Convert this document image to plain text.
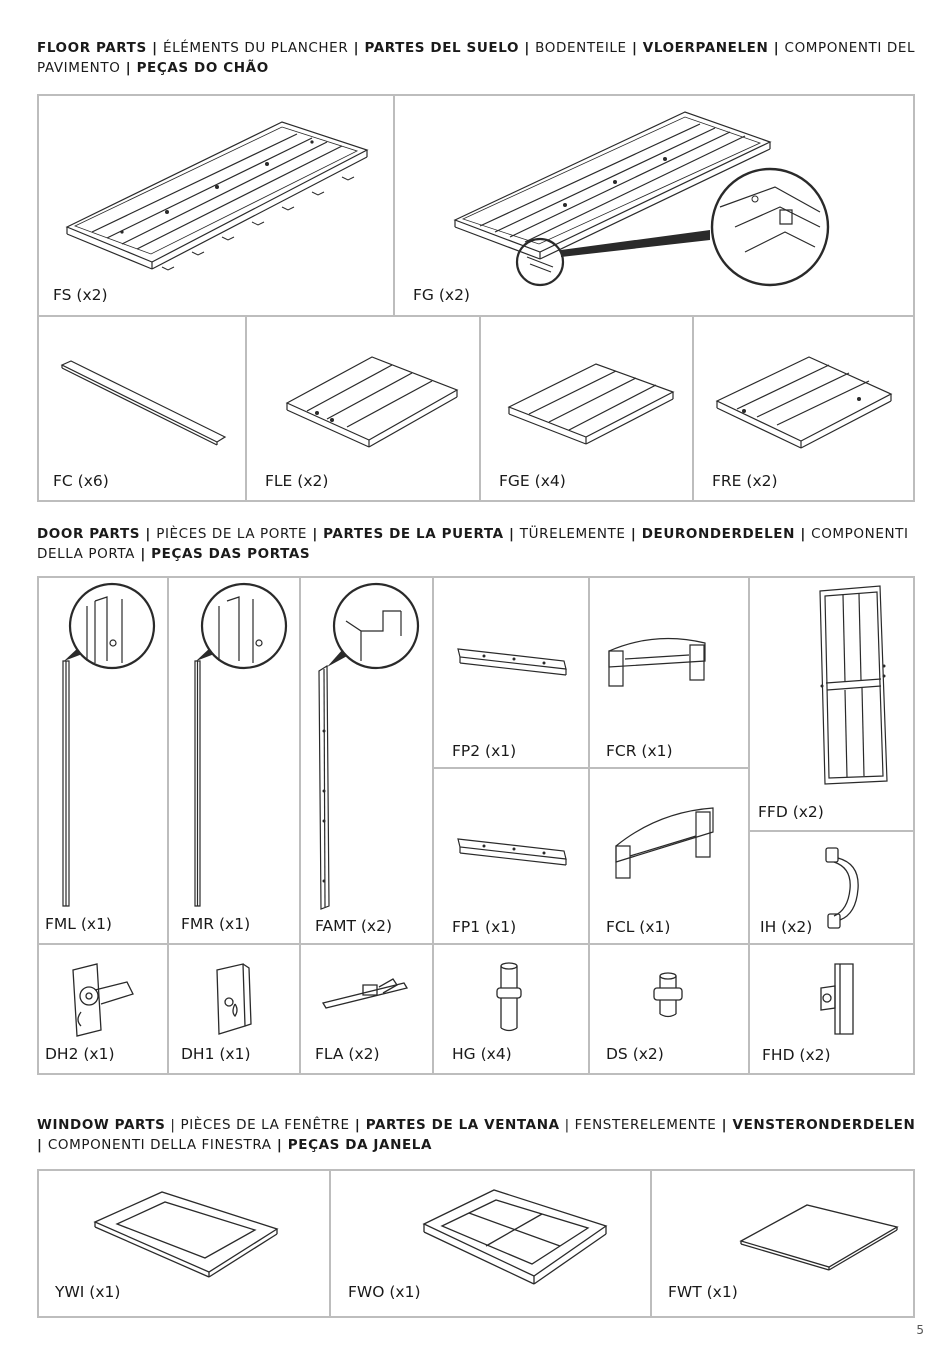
FLOOR PARTS | ÉLÉMENTS DU PLANCHER | PARTES DEL SUELO | BODENTEILE | VLOERPANELEN | COMPONENTI DEL PAVIMENTO | PEÇAS DO CHÃO
FS (x2)	FG (x2)
FC (x6)	FLE (x2)	FGE (x4)	FRE (x2)
DOOR PARTS | PIÈCES DE LA PORTE | PARTES DE LA PUERTA | TÜRELEMENTE | DEURONDERDELEN | COMPONENTI DELLA PORTA | PEÇAS DAS PORTAS
FML (x1)	FMR (x1)	FAMT (x2)
FP2 (x1)	FCR (x1)
FFD (x2)
FP1 (x1)	FCL (x1)	IH (x2)
DH2 (x1)	DH1 (x1)	FLA (x2)	HG (x4)	DS (x2)	FHD (x2)
WINDOW PARTS | PIÈCES DE LA FENÊTRE | PARTES DE LA VENTANA | FENSTERELEMENTE | VENSTERONDERDELEN | COMPONENTI DELLA FINESTRA | PEÇAS DA JANELA
YWI (x1)	FWO (x1)	FWT (x1)
5
